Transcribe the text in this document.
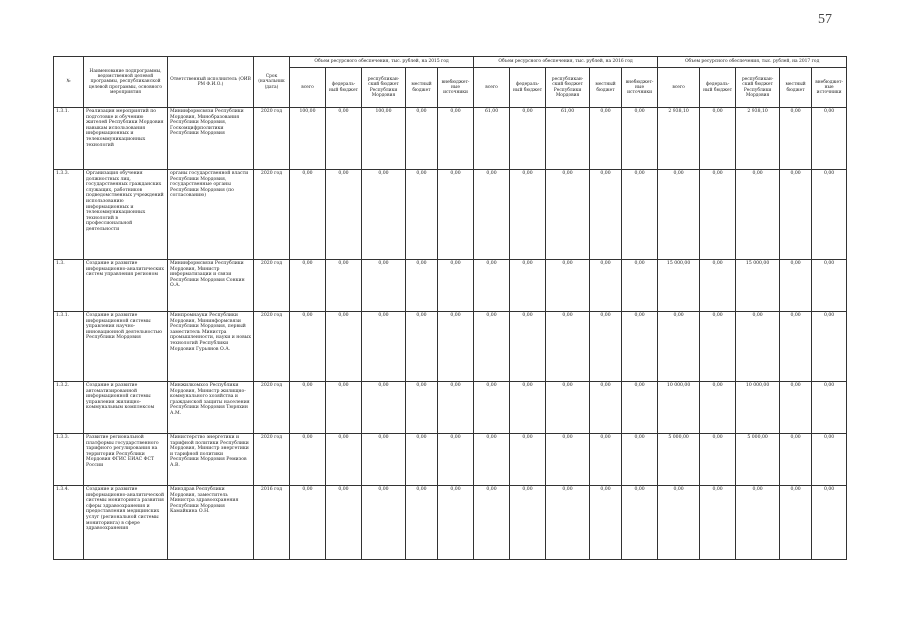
57
№	Наименование подпрограммы, ведомственной целевой программы, республиканской целевой программы, основного мероприятия	Ответственный исполнитель (ОИВ РМ Ф.И.О.)	Срок (начальник (дата)	Объем ресурсного обеспечения, тыс. рублей, на 2015 год					Объем ресурсного обеспечения, тыс. рублей, на 2016 год					Объем ресурсного обеспечения, тыс. рублей, на 2017 год				
				всего	федераль-ный бюджет	республикан-ский бюджет Республики Мордовия	местный бюджет	внебюджет-ные источники	всего	федераль-ный бюджет	республикан-ский бюджет Республики Мордовия	местный бюджет	внебюджет-ные источники	всего	федераль-ный бюджет	республикан-ский бюджет Республики Мордовия	местный бюджет	внебюджет-ные источники
1.3.1.	Реализация мероприятий по подготовке и обучению жителей Республики Мордовия навыкам использования информационных и телекоммуникационных технологий	Мининформсвязи Республики Мордовия, Минобразования Республики Мордовия, Госкомцифрполитики Республики Мордовия	2020 год	100,00	0,00	100,00	0,00	0,00	61,00	0,00	61,00	0,00	0,00	2 938,10	0,00	2 938,10	0,00	0,00
1.3.3.	Организация обучения должностных лиц, государственных гражданских служащих, работников подведомственных учреждений использованию информационных и телекоммуникационных технологий в профессиональной деятельности	органы государственной власти Республики Мордовия, государственные органы Республики Мордовия (по согласованию)	2020 год	0,00	0,00	0,00	0,00	0,00	0,00	0,00	0,00	0,00	0,00	0,00	0,00	0,00	0,00	0,00
1.3.	Создание и развитие информационно-аналитических систем управления регионом	Мининформсвязи Республики Мордовия, Министр информатизации и связи Республики Мордовия Сонкин О.А.	2020 год	0,00	0,00	0,00	0,00	0,00	0,00	0,00	0,00	0,00	0,00	15 000,00	0,00	15 000,00	0,00	0,00
1.3.1.	Создание и развитие информационной системы управления научно-инновационной деятельностью Республики Мордовия	Минпромнауки Республики Мордовия, Мининформсвязи Республики Мордовия, первый заместитель Министра промышленности, науки и новых технологий Республики Мордовия Гурьянов О.А.	2020 год	0,00	0,00	0,00	0,00	0,00	0,00	0,00	0,00	0,00	0,00	0,00	0,00	0,00	0,00	0,00
1.3.2.	Создание и развитие автоматизированной информационной системы управления жилищно-коммунальным комплексом	Минжилкомхоз Республики Мордовия, Министр жилищно-коммунального хозяйства и гражданской защиты населения Республики Мордовия Тюряхин А.М.	2020 год	0,00	0,00	0,00	0,00	0,00	0,00	0,00	0,00	0,00	0,00	10 000,00	0,00	10 000,00	0,00	0,00
1.3.3.	Развитие региональной платформы государственного тарифного регулирования на территории Республики Мордовия ФГИС ЕИАС ФСТ России	Министерство энергетики и тарифной политики Республики Мордовия, Министр энергетики и тарифной политики Республики Мордовия Ремизов А.В.	2020 год	0,00	0,00	0,00	0,00	0,00	0,00	0,00	0,00	0,00	0,00	5 000,00	0,00	5 000,00	0,00	0,00
1.3.4.	Создание и развитие информационно-аналитической системы мониторинга развития сферы здравоохранения и предоставления медицинских услуг (региональной системы мониторинга) в сфере здравоохранения	Минздрав Республики Мордовия, заместитель Министра здравоохранения Республики Мордовия Камайкина О.Н.	2016 год	0,00	0,00	0,00	0,00	0,00	0,00	0,00	0,00	0,00	0,00	0,00	0,00	0,00	0,00	0,00
